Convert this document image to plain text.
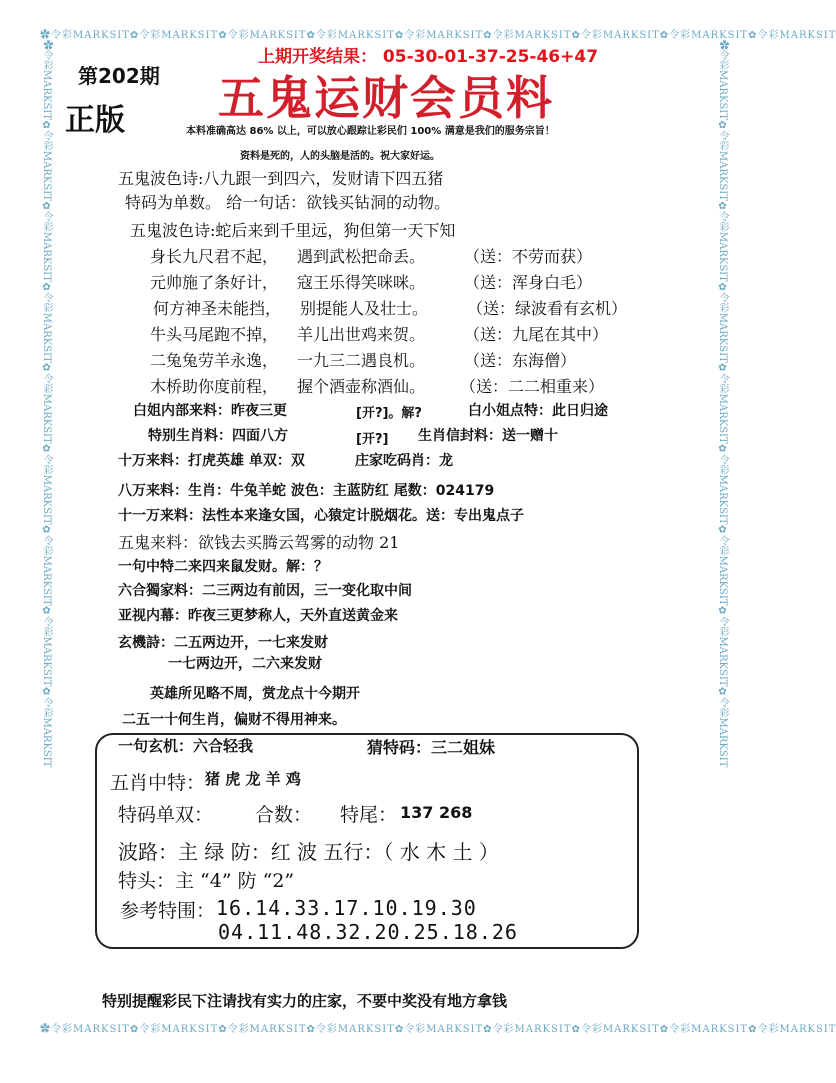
✿令彩MARKSIT✿令彩MARKSIT✿令彩MARKSIT✿令彩MARKSIT✿令彩MARKSIT✿令彩MARKSIT✿令彩MARKSIT✿令彩MARKSIT✿令彩MARKSIT
✿令彩MARKSIT✿令彩MARKSIT✿令彩MARKSIT✿令彩MARKSIT✿令彩MARKSIT✿令彩MARKSIT✿令彩MARKSIT✿令彩MARKSIT✿令彩MARKSIT
✿令彩MARKSIT✿令彩MARKSIT✿令彩MARKSIT✿令彩MARKSIT✿令彩MARKSIT✿令彩MARKSIT✿令彩MARKSIT✿令彩MARKSIT✿令彩MARKSIT	✿令彩MARKSIT✿令彩MARKSIT✿令彩MARKSIT✿令彩MARKSIT✿令彩MARKSIT✿令彩MARKSIT✿令彩MARKSIT✿令彩MARKSIT✿令彩MARKSIT
上期开奖结果： 05-30-01-37-25-46+47
第202期 五鬼运财会员料
正版	本料准确高达 86% 以上，可以放心跟踪让彩民们 100% 满意是我们的服务宗旨！
资料是死的，人的头脑是活的。祝大家好运。
五鬼波色诗:八九跟一到四六，发财请下四五猪
特码为单数。 给一句话：欲钱买钻洞的动物。
五鬼波色诗:蛇后来到千里远，狗但第一天下知
身长九尺君不起， 遇到武松把命丢。 （送：不劳而获）
元帅施了条好计， 寇王乐得笑咪咪。 （送：浑身白毛）
何方神圣未能挡， 别提能人及壮士。 （送：绿波看有玄机）
牛头马尾跑不掉， 羊儿出世鸡来贺。 （送：九尾在其中）
二兔兔劳羊永逸， 一九三二遇良机。 （送：东海僧）
木桥助你度前程， 握个酒壶称酒仙。 （送：二二相重来）
白姐内部来料：昨夜三更	[开?]。解?	白小姐点特：此日归途
特别生肖料：四面八方	[开?] 生肖信封料：送一赠十
十万来料：打虎英雄 单双：双	庄家吃码肖：龙
八万来料：生肖：牛兔羊蛇 波色：主蓝防红 尾数：024179
十一万来料：法性本来逢女国，心猿定计脱烟花。送：专出鬼点子
五鬼来料：欲钱去买腾云驾雾的动物 21
一句中特二来四来鼠发财。解：？
六合獨家料：二三两边有前因，三一变化取中间
亚视内幕：昨夜三更梦称人，天外直送黄金来
玄機詩：二五两边开，一七来发财
一七两边开，二六来发财
英雄所见略不周，赏龙点十今期开
二五一十何生肖，偏财不得用神来。
一句玄机：六合轻我	猜特码：三二姐妹
五肖中特： 猪 虎 龙 羊 鸡
特码单双： 合数： 特尾： 137 268
波路：主 绿 防：红 波 五行：（ 水 木 土 ）
特头：主 “4” 防 “2”
参考特围： 16.14.33.17.10.19.30
04.11.48.32.20.25.18.26
特别提醒彩民下注请找有实力的庄家，不要中奖没有地方拿钱
